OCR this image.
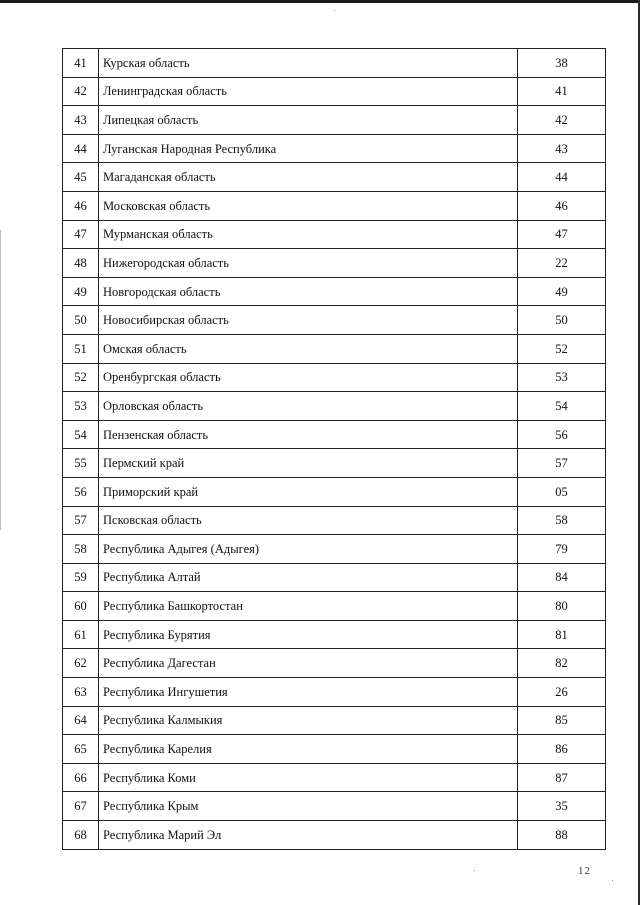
41	Курская область	38
42	Ленинградская область	41
43	Липецкая область	42
44	Луганская Народная Республика	43
45	Магаданская область	44
46	Московская область	46
47	Мурманская область	47
48	Нижегородская область	22
49	Новгородская область	49
50	Новосибирская область	50
51	Омская область	52
52	Оренбургская область	53
53	Орловская область	54
54	Пензенская область	56
55	Пермский край	57
56	Приморский край	05
57	Псковская область	58
58	Республика Адыгея (Адыгея)	79
59	Республика Алтай	84
60	Республика Башкортостан	80
61	Республика Бурятия	81
62	Республика Дагестан	82
63	Республика Ингушетия	26
64	Республика Калмыкия	85
65	Республика Карелия	86
66	Республика Коми	87
67	Республика Крым	35
68	Республика Марий Эл	88
12
